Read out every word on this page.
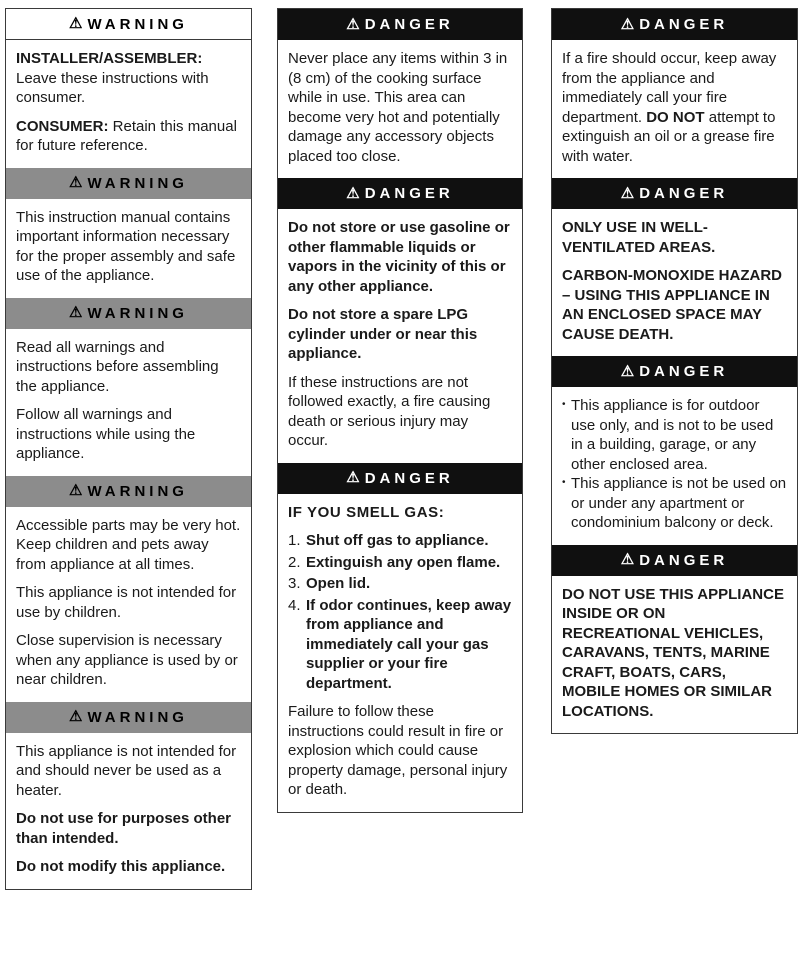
⚠ WARNING

INSTALLER/ASSEMBLER: Leave these instructions with consumer.

CONSUMER: Retain this manual for future reference.

⚠ WARNING

This instruction manual contains important information necessary for the proper assembly and safe use of the appliance.

⚠ WARNING

Read all warnings and instructions before assembling the appliance.

Follow all warnings and instructions while using the appliance.

⚠ WARNING

Accessible parts may be very hot. Keep children and pets away from appliance at all times.

This appliance is not intended for use by children.

Close supervision is necessary when any appliance is used by or near children.

⚠ WARNING

This appliance is not intended for and should never be used as a heater.

Do not use for purposes other than intended.

Do not modify this appliance.

⚠ DANGER

Never place any items within 3 in (8 cm) of the cooking surface while in use. This area can become very hot and potentially damage any accessory objects placed too close.

⚠ DANGER

Do not store or use gasoline or other flammable liquids or vapors in the vicinity of this or any other appliance.

Do not store a spare LPG cylinder under or near this appliance.

If these instructions are not followed exactly, a fire causing death or serious injury may occur.

⚠ DANGER

IF YOU SMELL GAS:

1. Shut off gas to appliance.
2. Extinguish any open flame.
3. Open lid.
4. If odor continues, keep away from appliance and immediately call your gas supplier or your fire department.

Failure to follow these instructions could result in fire or explosion which could cause property damage, personal injury or death.

⚠ DANGER

If a fire should occur, keep away from the appliance and immediately call your fire department. DO NOT attempt to extinguish an oil or a grease fire with water.

⚠ DANGER

ONLY USE IN WELL-VENTILATED AREAS.

CARBON-MONOXIDE HAZARD – USING THIS APPLIANCE IN AN ENCLOSED SPACE MAY CAUSE DEATH.

⚠ DANGER
• This appliance is for outdoor use only, and is not to be used in a building, garage, or any other enclosed area.
• This appliance is not be used on or under any apartment or condominium balcony or deck.
⚠ DANGER

DO NOT USE THIS APPLIANCE INSIDE OR ON RECREATIONAL VEHICLES, CARAVANS, TENTS, MARINE CRAFT, BOATS, CARS, MOBILE HOMES OR SIMILAR LOCATIONS.
